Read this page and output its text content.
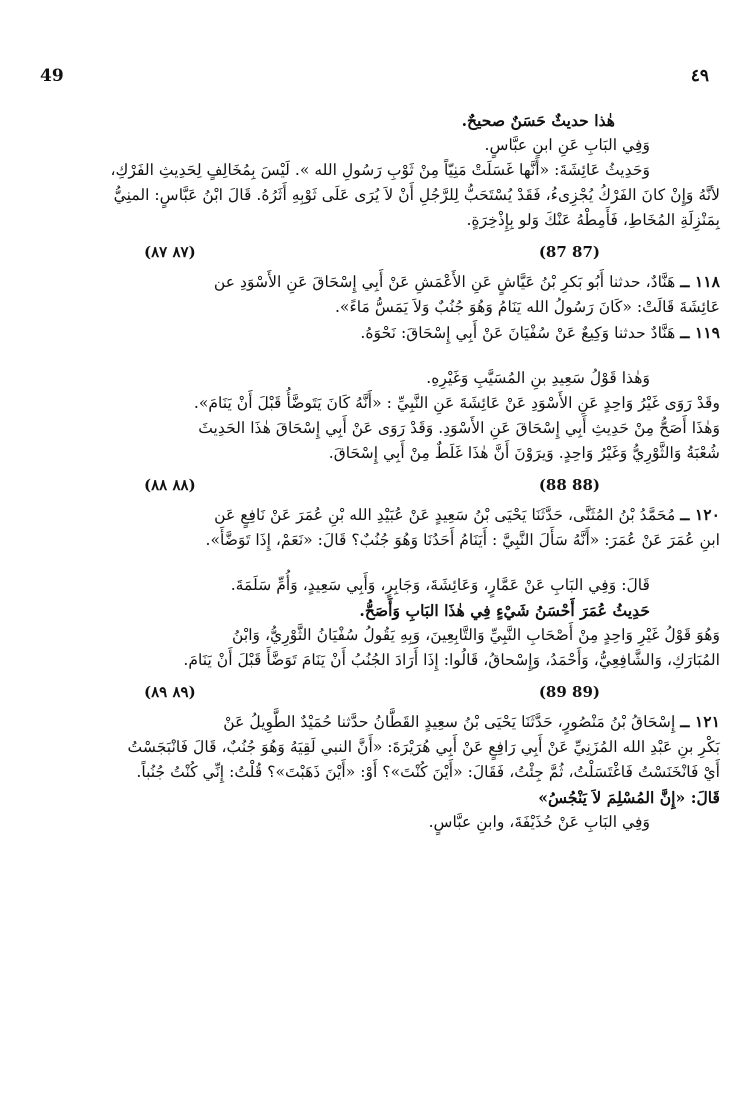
49	٤٩

هٰذا حديثٌ حَسَنٌ صحيحٌ.

وَفِي البَابِ عَنِ ابنِ عبَّاسٍ.

وَحَدِيثُ عَائِشَةَ: «أَنَّها غَسَلَتْ مَنِيّاً مِنْ ثَوْبِ رَسُولِ الله ». لَيْسَ بِمُخَالِفٍ لِحَدِيثِ الفَرْكِ،

لأنَّهُ وَإِنْ كانَ الفَرْكُ يُجْزِىءُ، فَقَدْ يُسْتَحَبُّ لِلرَّجُلِ أَنْ لاَ يُرَى عَلَى ثَوْبِهِ أَثَرُهُ. قَالَ ابْنُ عَبَّاسٍ: المنِيُّ

بِمَنْزِلَةِ المُخَاطِ، فَأَمِطْهُ عَنْكَ وَلو بِإِذْخِرَةٍ.

(٨٧ ٨٧)	(87 87)

١١٨ ــ هَنَّادٌ، حدثنا أَبُو بَكرِ بْنُ عَيَّاشٍ عَنِ الأَعْمَشِ عَنْ أَبِي إِسْحَاقَ عَنِ الأَسْوَدِ عن

عَائِشَةَ قَالَتْ: «كَانَ رَسُولُ الله يَنَامُ وَهُوَ جُنُبٌ وَلاَ يَمَسُّ مَاءً».

١١٩ ــ هَنَّادٌ حدثنا وَكِيعٌ عَنْ سُفْيَانَ عَنْ أَبِي إِسْحَاقَ: نَحْوَهُ.

وَهٰذا قَوْلُ سَعِيدِ بنِ المُسَيَّبِ وَغَيْرِهِ.

وقَدْ رَوَى غَيْرُ وَاحِدٍ عَنِ الأَسْوَدِ عَنْ عَائِشَةَ عَنِ النَّبِيِّ : «أَنَّهُ كَانَ يَتَوضَّأُ قَبْلَ أَنْ يَنَامَ».

وَهٰذَا أَصَحُّ مِنْ حَدِيثِ أَبِي إِسْحَاقَ عَنِ الأَسْوَدِ. وَقَدْ رَوَى عَنْ أَبِي إِسْحَاقَ هٰذَا الحَدِيثَ

شُعْبَةُ وَالثَّوْرِيُّ وَغَيْرُ وَاحِدٍ. وَيرَوْنَ أَنَّ هٰذَا غَلَطٌ مِنْ أَبِي إِسْحَاقَ.

(٨٨ ٨٨)	(88 88)

١٢٠ ــ مُحَمَّدُ بْنُ المُثَنَّى، حَدَّثَنَا يَحْيَى بْنُ سَعِيدٍ عَنْ عُبَيْدِ الله بْنِ عُمَرَ عَنْ نَافِعٍ عَن

ابنِ عُمَرَ عَنْ عُمَرَ: «أَنَّهُ سَأَلَ النَّبِيَّ : أَيَنَامُ أَحَدُنَا وَهُوَ جُنُبٌ؟ قَالَ: «نَعَمْ، إِذَا تَوَضَّأَ».

قَالَ: وَفِي البَابِ عَنْ عَمَّارٍ، وَعَائِشَةَ، وَجَابِرٍ، وَأَبِي سَعِيدٍ، وَأُمِّ سَلَمَةَ.

حَدِيثُ عُمَرَ أَحْسَنُ شَيْءٍ فِي هٰذَا البَابِ وَأَصَحُّ.

وَهُوَ قَوْلُ غَيْرِ وَاحِدٍ مِنْ أَصْحَابِ النَّبِيِّ وَالتَّابِعِينَ، وَبِهِ يَقُولُ سُفْيَانُ الثَّوْرِيُّ، وَابْنُ

المُبَارَكِ، وَالشَّافِعِيُّ، وَأَحْمَدُ، وَإِسْحاقُ، قَالُوا: إِذَا أَرَادَ الجُنُبُ أَنْ يَنَامَ تَوَضَّأَ قَبْلَ أَنْ يَنَامَ.

(٨٩ ٨٩)	(89 89)

١٢١ ــ إِسْحَاقُ بْنُ مَنْصُورٍ، حَدَّثَنَا يَحْيَى بْنُ سعِيدٍ القَطَّانُ حدَّثنا حُمَيْدٌ الطَّوِيلُ عَنْ

بَكْرِ بنِ عَبْدِ الله المُزَنِيِّ عَنْ أَبِي رَافِعٍ عَنْ أَبِي هُرَيْرَةَ: «أَنَّ النبي لَقِيَهُ وَهُوَ جُنُبٌ، قَالَ فَانْبَجَسْتُ

أَيْ فَانْخَنَسْتُ فَاغْتَسَلْتُ، ثُمَّ جِئْتُ، فَقَالَ: «أَيْنَ كُنْتَ»؟ أَوْ: «أَيْنَ ذَهَبْتَ»؟ قُلْتُ: إِنِّي كُنْتُ جُنُباً.

قَالَ: «إِنَّ المُسْلِمَ لاَ يَنْجُسُ»

وَفِي البَابِ عَنْ حُذَيْفَةَ، وابنِ عبَّاسٍ.
